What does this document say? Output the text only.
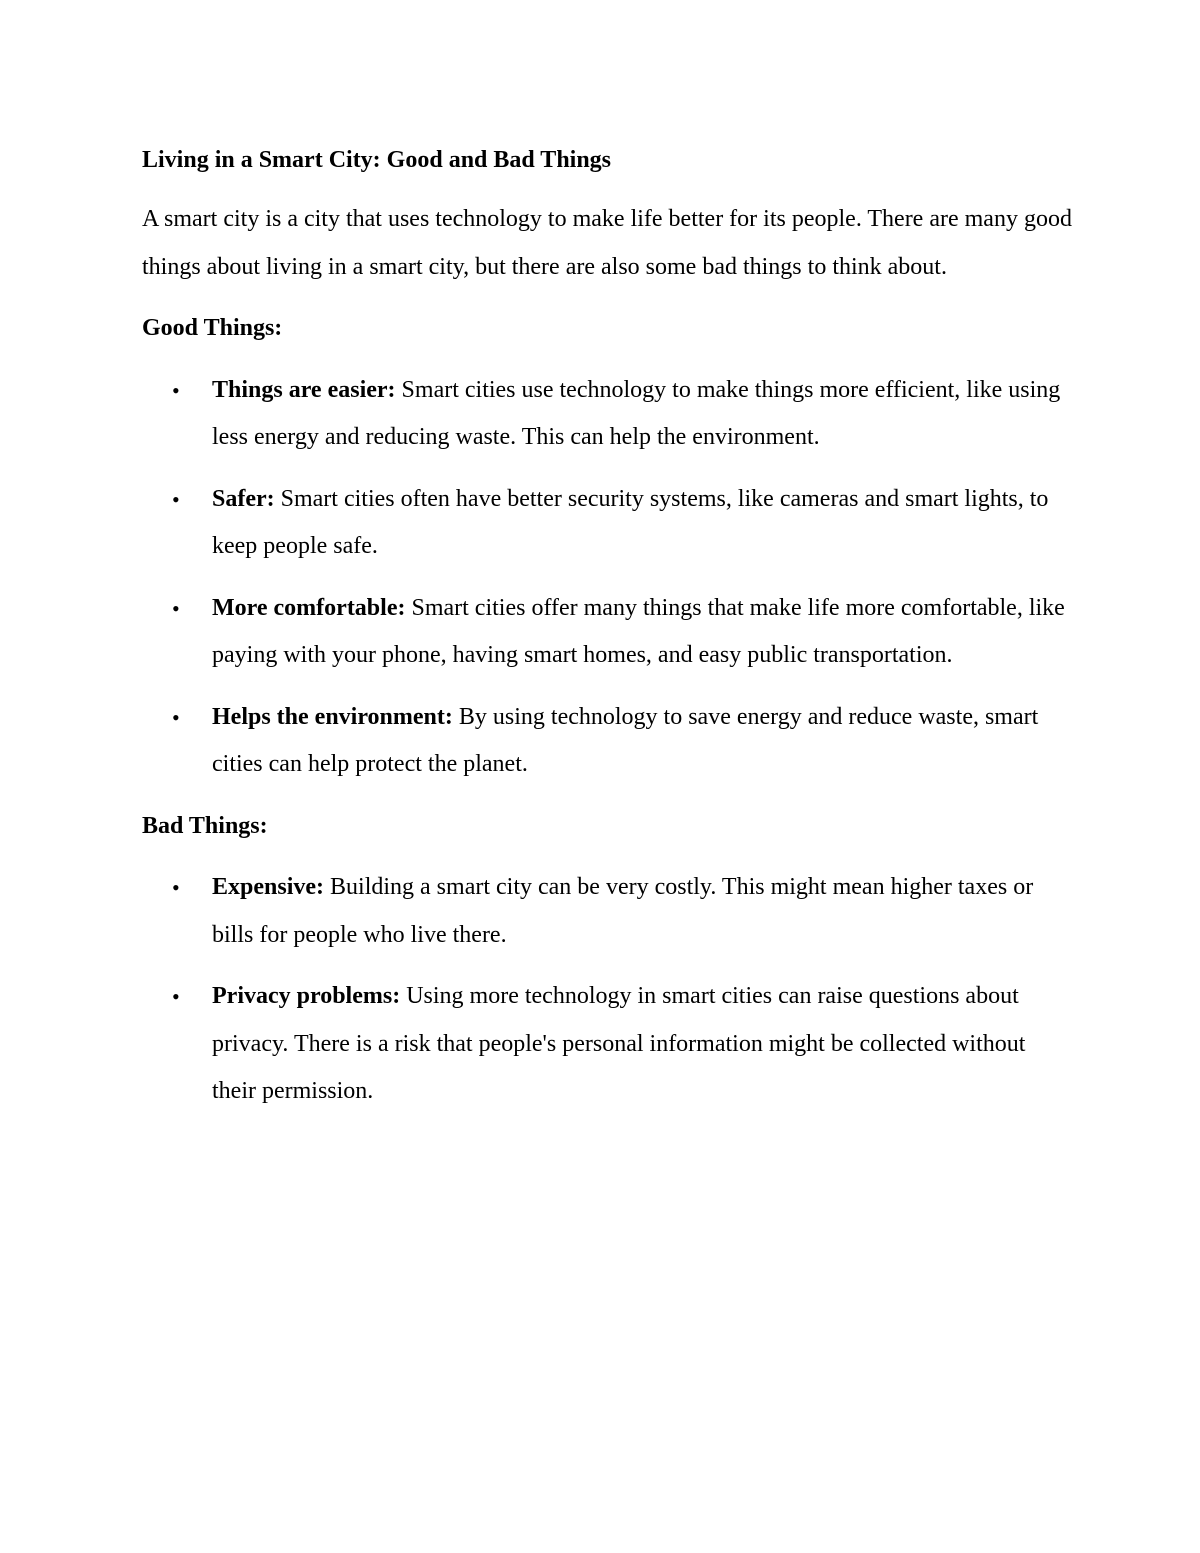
Living in a Smart City: Good and Bad Things

A smart city is a city that uses technology to make life better for its people. There are many good things about living in a smart city, but there are also some bad things to think about.

Good Things:

• Things are easier: Smart cities use technology to make things more efficient, like using less energy and reducing waste. This can help the environment.
• Safer: Smart cities often have better security systems, like cameras and smart lights, to keep people safe.
• More comfortable: Smart cities offer many things that make life more comfortable, like paying with your phone, having smart homes, and easy public transportation.
• Helps the environment: By using technology to save energy and reduce waste, smart cities can help protect the planet.

Bad Things:

• Expensive: Building a smart city can be very costly. This might mean higher taxes or bills for people who live there.
• Privacy problems: Using more technology in smart cities can raise questions about privacy. There is a risk that people's personal information might be collected without their permission.
